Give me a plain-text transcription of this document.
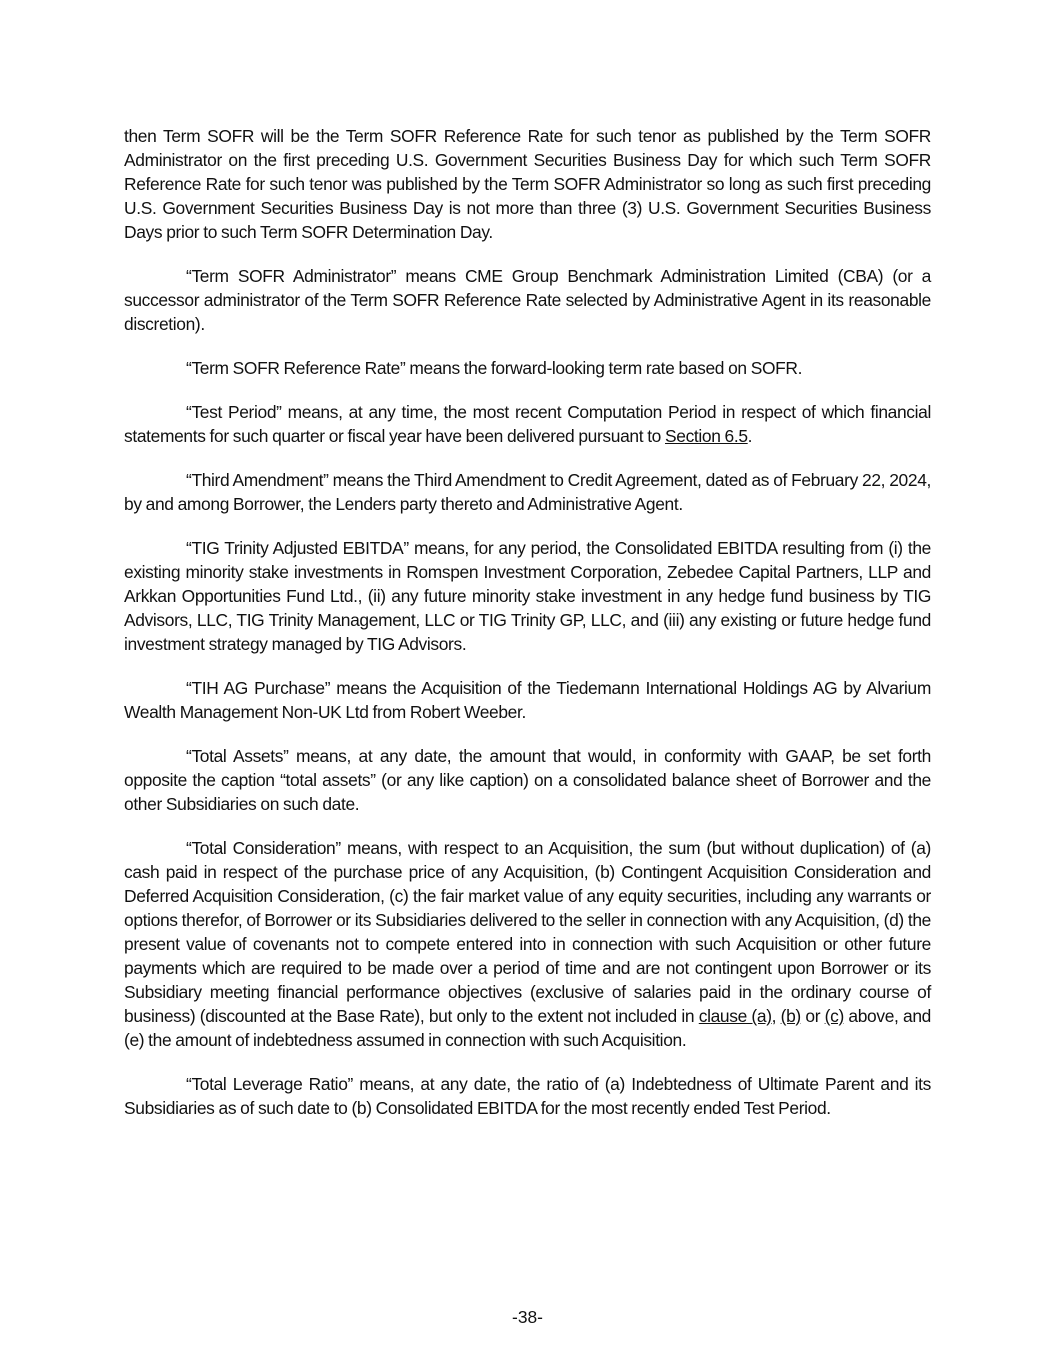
then Term SOFR will be the Term SOFR Reference Rate for such tenor as published by the Term SOFR Administrator on the first preceding U.S. Government Securities Business Day for which such Term SOFR Reference Rate for such tenor was published by the Term SOFR Administrator so long as such first preceding U.S. Government Securities Business Day is not more than three (3) U.S. Government Securities Business Days prior to such Term SOFR Determination Day.

“Term SOFR Administrator” means CME Group Benchmark Administration Limited (CBA) (or a successor administrator of the Term SOFR Reference Rate selected by Administrative Agent in its reasonable discretion).

“Term SOFR Reference Rate” means the forward-looking term rate based on SOFR.

“Test Period” means, at any time, the most recent Computation Period in respect of which financial statements for such quarter or fiscal year have been delivered pursuant to Section 6.5.

“Third Amendment” means the Third Amendment to Credit Agreement, dated as of February 22, 2024, by and among Borrower, the Lenders party thereto and Administrative Agent.

“TIG Trinity Adjusted EBITDA” means, for any period, the Consolidated EBITDA resulting from (i) the existing minority stake investments in Romspen Investment Corporation, Zebedee Capital Partners, LLP and Arkkan Opportunities Fund Ltd., (ii) any future minority stake investment in any hedge fund business by TIG Advisors, LLC, TIG Trinity Management, LLC or TIG Trinity GP, LLC, and (iii) any existing or future hedge fund investment strategy managed by TIG Advisors.

“TIH AG Purchase” means the Acquisition of the Tiedemann International Holdings AG by Alvarium Wealth Management Non-UK Ltd from Robert Weeber.

“Total Assets” means, at any date, the amount that would, in conformity with GAAP, be set forth opposite the caption “total assets” (or any like caption) on a consolidated balance sheet of Borrower and the other Subsidiaries on such date.

“Total Consideration” means, with respect to an Acquisition, the sum (but without duplication) of (a) cash paid in respect of the purchase price of any Acquisition, (b) Contingent Acquisition Consideration and Deferred Acquisition Consideration, (c) the fair market value of any equity securities, including any warrants or options therefor, of Borrower or its Subsidiaries delivered to the seller in connection with any Acquisition, (d) the present value of covenants not to compete entered into in connection with such Acquisition or other future payments which are required to be made over a period of time and are not contingent upon Borrower or its Subsidiary meeting financial performance objectives (exclusive of salaries paid in the ordinary course of business) (discounted at the Base Rate), but only to the extent not included in clause (a), (b) or (c) above, and (e) the amount of indebtedness assumed in connection with such Acquisition.

“Total Leverage Ratio” means, at any date, the ratio of (a) Indebtedness of Ultimate Parent and its Subsidiaries as of such date to (b) Consolidated EBITDA for the most recently ended Test Period.

-38-
